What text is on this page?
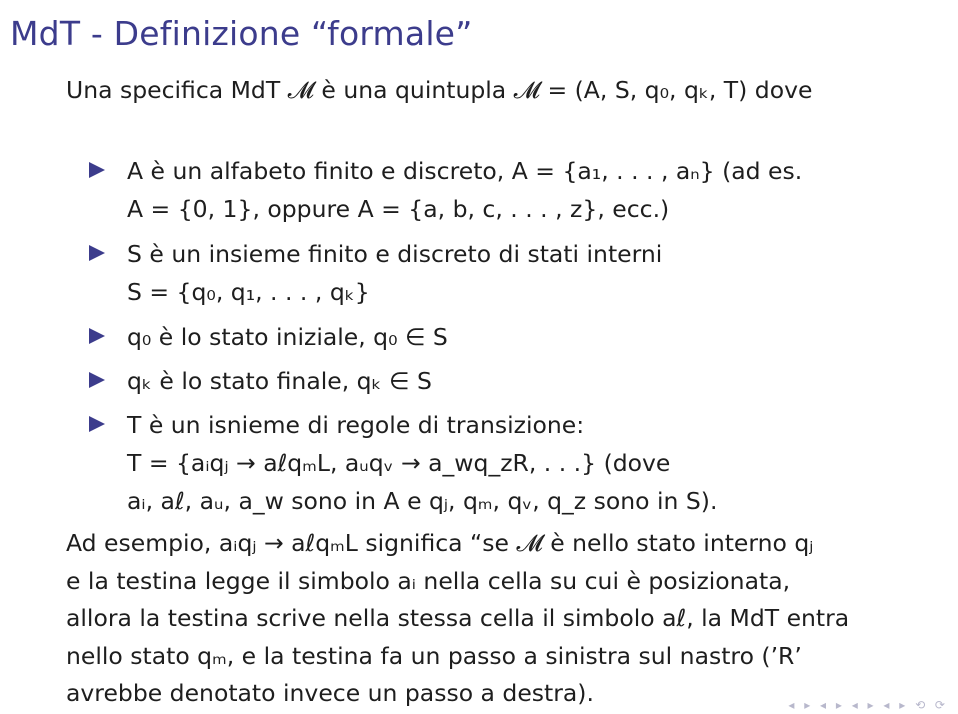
MdT - Definizione “formale”
Una specifica MdT 𝓜 è una quintupla 𝓜 = (A, S, q₀, qₖ, T) dove
A è un alfabeto finito e discreto, A = {a₁, . . . , aₙ} (ad es.
A = {0, 1}, oppure A = {a, b, c, . . . , z}, ecc.)
S è un insieme finito e discreto di stati interni
S = {q₀, q₁, . . . , qₖ}
q₀ è lo stato iniziale, q₀ ∈ S
qₖ è lo stato finale, qₖ ∈ S
T è un isnieme di regole di transizione:
T = {aᵢqⱼ → aℓqₘL, aᵤqᵥ → a_wq_zR, . . .} (dove
aᵢ, aℓ, aᵤ, a_w sono in A e qⱼ, qₘ, qᵥ, q_z sono in S).
Ad esempio, aᵢqⱼ → aℓqₘL significa “se 𝓜 è nello stato interno qⱼ
e la testina legge il simbolo aᵢ nella cella su cui è posizionata,
allora la testina scrive nella stessa cella il simbolo aℓ, la MdT entra
nello stato qₘ, e la testina fa un passo a sinistra sul nastro (’R’
avrebbe denotato invece un passo a destra).	◂ ▸ ◂ ▸ ◂ ▸ ◂ ▸ ⟲ ⟳
